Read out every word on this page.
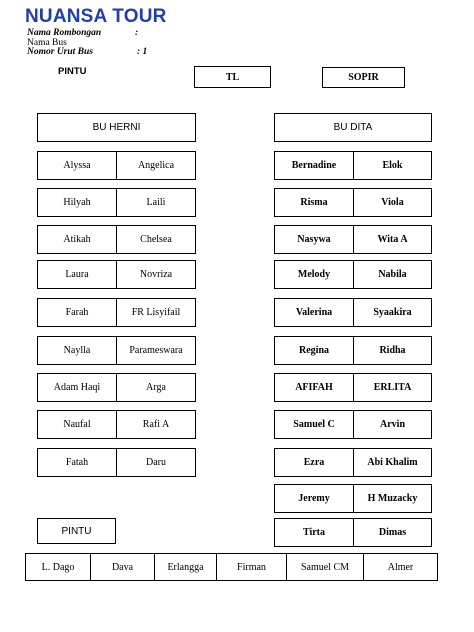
NUANSA TOUR
Nama Rombongan	:
Nama Bus
Nomor Urut Bus	: 1
PINTU	TL	SOPIR
BU HERNI	BU DITA
Alyssa	Angelica
Hilyah	Laili
Atikah	Chelsea
Laura	Novriza
Farah	FR Lisyifail
Naylla	Parameswara
Adam Haqi	Arga
Naufal	Rafi A
Fatah	Daru
Bernadine	Elok
Risma	Viola
Nasywa	Wita A
Melody	Nabila
Valerina	Syaakira
Regina	Ridha
AFIFAH	ERLITA
Samuel C	Arvin
Ezra	Abi Khalim
Jeremy	H Muzacky
Tirta	Dimas
PINTU
L. Dago	Dava	Erlangga	Firman	Samuel CM	Almer
